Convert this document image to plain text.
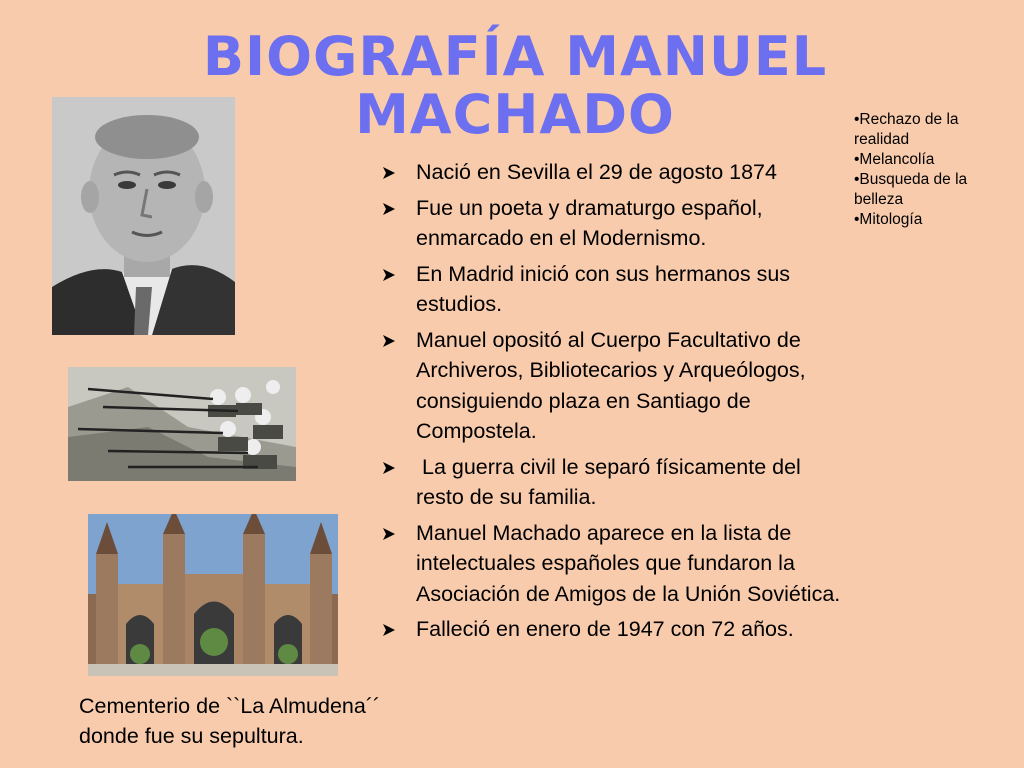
BIOGRAFÍA MANUEL
MACHADO
Nació en Sevilla el 29 de agosto 1874
Fue un poeta y dramaturgo español, enmarcado en el Modernismo.
En Madrid inició con sus hermanos sus estudios.
Manuel opositó al Cuerpo Facultativo de Archiveros, Bibliotecarios y Arqueólogos, consiguiendo plaza en Santiago de Compostela.
La guerra civil le separó físicamente del resto de su familia.
Manuel Machado aparece en la lista de intelectuales españoles que fundaron la Asociación de Amigos de la Unión Soviética.
Falleció en enero de 1947 con 72 años.
•Rechazo de la realidad
•Melancolía
•Busqueda de la belleza
•Mitología
Cementerio de ``La Almudena´´
donde fue su sepultura.
